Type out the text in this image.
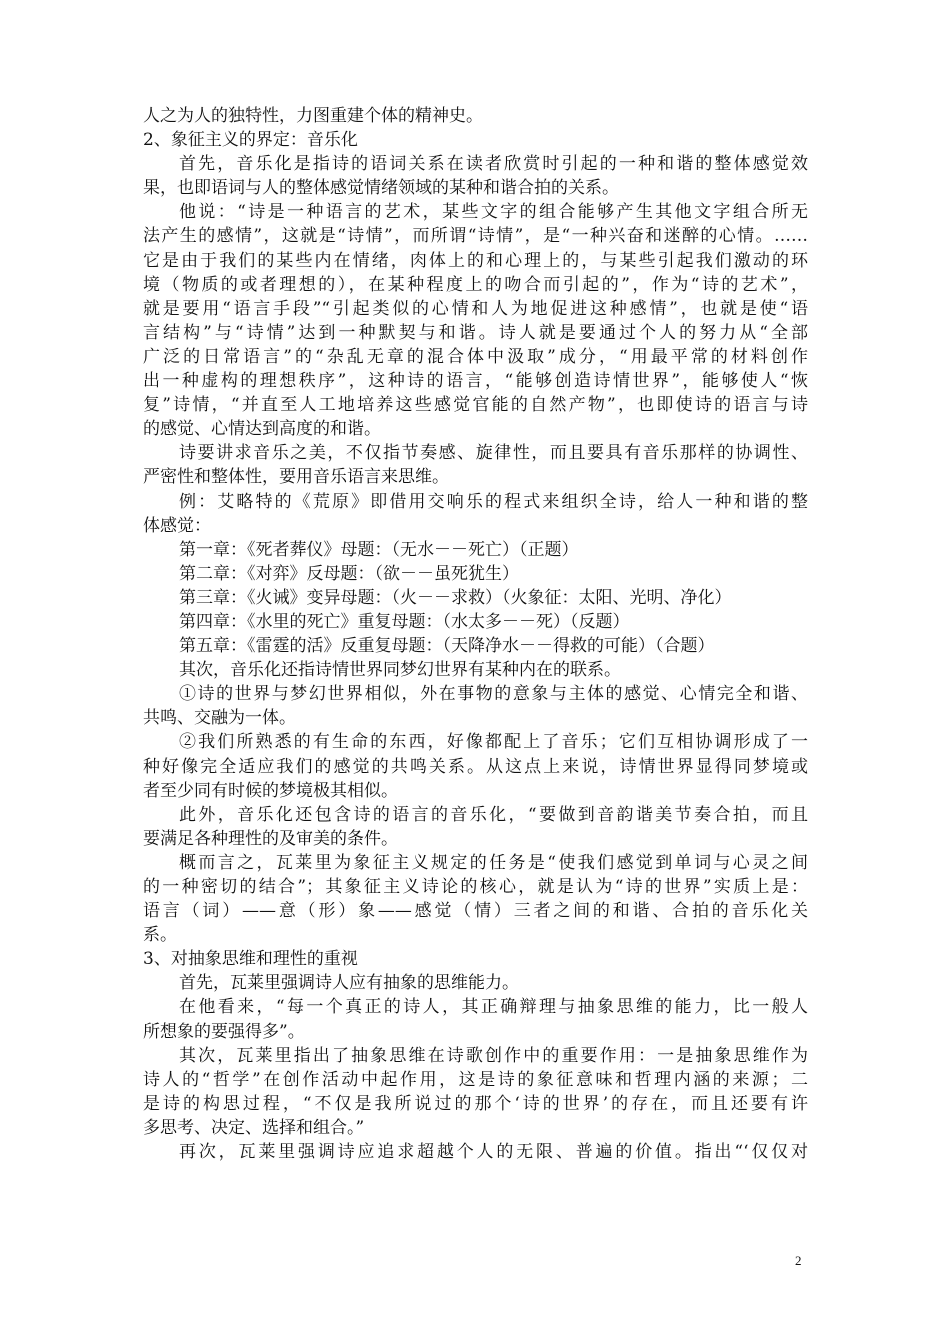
人之为人的独特性，力图重建个体的精神史。
2、象征主义的界定：音乐化
首先，音乐化是指诗的语词关系在读者欣赏时引起的一种和谐的整体感觉效
果，也即语词与人的整体感觉情绪领域的某种和谐合拍的关系。
他说：“诗是一种语言的艺术，某些文字的组合能够产生其他文字组合所无
法产生的感情”，这就是“诗情”，而所谓“诗情”，是“一种兴奋和迷醉的心情。……
它是由于我们的某些内在情绪，肉体上的和心理上的，与某些引起我们激动的环
境（物质的或者理想的），在某种程度上的吻合而引起的”，作为“诗的艺术”，
就是要用“语言手段”“引起类似的心情和人为地促进这种感情”，也就是使“语
言结构”与“诗情”达到一种默契与和谐。诗人就是要通过个人的努力从“全部
广泛的日常语言”的“杂乱无章的混合体中汲取”成分，“用最平常的材料创作
出一种虚构的理想秩序”，这种诗的语言，“能够创造诗情世界”，能够使人“恢
复”诗情，“并直至人工地培养这些感觉官能的自然产物”，也即使诗的语言与诗
的感觉、心情达到高度的和谐。
诗要讲求音乐之美，不仅指节奏感、旋律性，而且要具有音乐那样的协调性、
严密性和整体性，要用音乐语言来思维。
例：艾略特的《荒原》即借用交响乐的程式来组织全诗，给人一种和谐的整
体感觉：
第一章：《死者葬仪》母题：（无水－－死亡）（正题）
第二章：《对弈》反母题：（欲－－虽死犹生）
第三章：《火诫》变异母题：（火－－求救）（火象征：太阳、光明、净化）
第四章：《水里的死亡》重复母题：（水太多－－死）（反题）
第五章：《雷霆的活》反重复母题：（天降净水－－得救的可能）（合题）
其次，音乐化还指诗情世界同梦幻世界有某种内在的联系。
①诗的世界与梦幻世界相似，外在事物的意象与主体的感觉、心情完全和谐、
共鸣、交融为一体。
②我们所熟悉的有生命的东西，好像都配上了音乐；它们互相协调形成了一
种好像完全适应我们的感觉的共鸣关系。从这点上来说，诗情世界显得同梦境或
者至少同有时候的梦境极其相似。
此外，音乐化还包含诗的语言的音乐化，“要做到音韵谐美节奏合拍，而且
要满足各种理性的及审美的条件。
概而言之，瓦莱里为象征主义规定的任务是“使我们感觉到单词与心灵之间
的一种密切的结合”；其象征主义诗论的核心，就是认为“诗的世界”实质上是：
语言（词）——意（形）象——感觉（情）三者之间的和谐、合拍的音乐化关
系。
3、对抽象思维和理性的重视
首先，瓦莱里强调诗人应有抽象的思维能力。
在他看来，“每一个真正的诗人，其正确辩理与抽象思维的能力，比一般人
所想象的要强得多”。
其次，瓦莱里指出了抽象思维在诗歌创作中的重要作用：一是抽象思维作为
诗人的“哲学”在创作活动中起作用，这是诗的象征意味和哲理内涵的来源；二
是诗的构思过程，“不仅是我所说过的那个‘诗的世界’的存在，而且还要有许
多思考、决定、选择和组合。”
再次，瓦莱里强调诗应追求超越个人的无限、普遍的价值。指出“‘仅仅对
2
